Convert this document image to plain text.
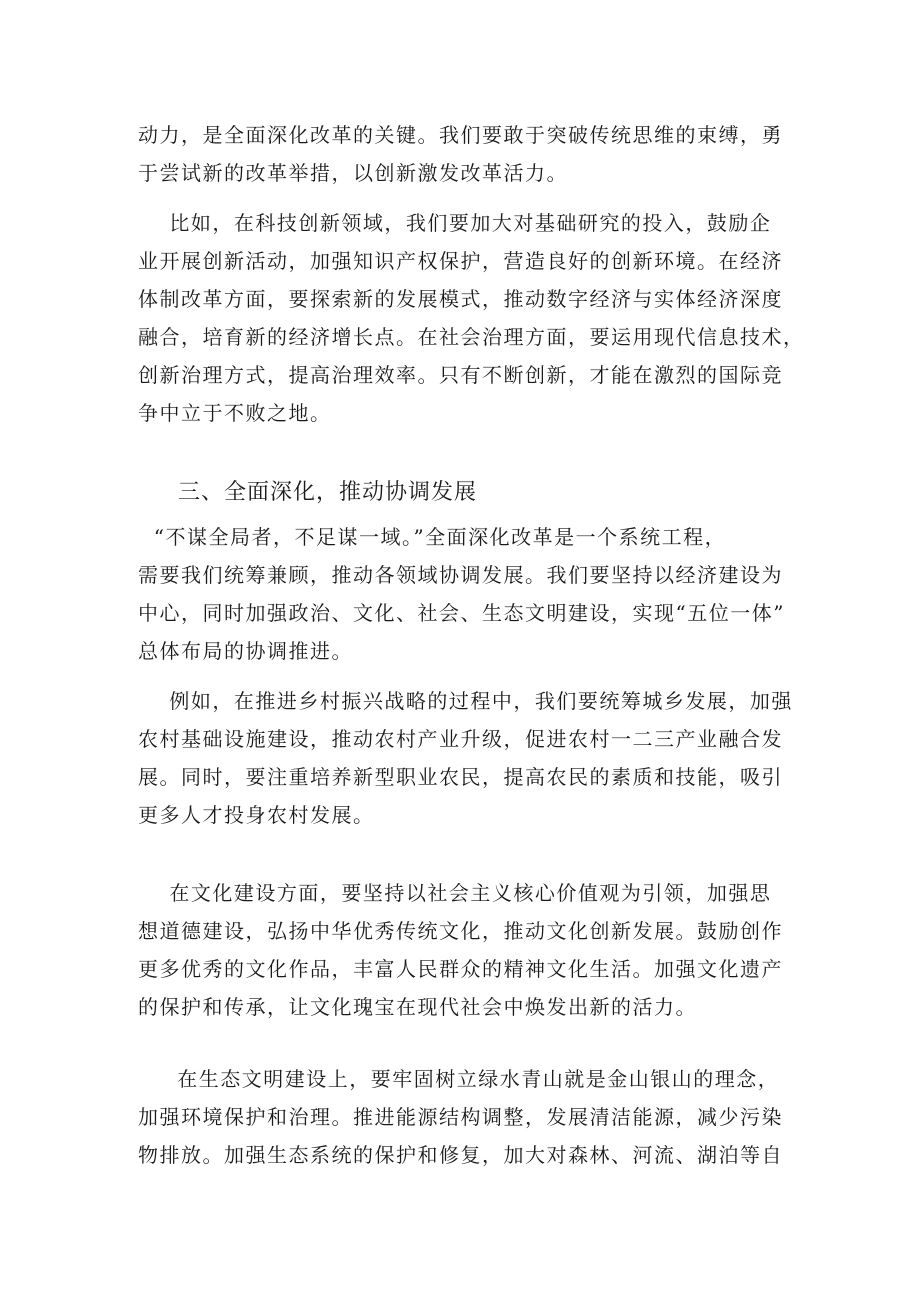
动力，是全面深化改革的关键。我们要敢于突破传统思维的束缚，勇
于尝试新的改革举措，以创新激发改革活力。
比如，在科技创新领域，我们要加大对基础研究的投入，鼓励企
业开展创新活动，加强知识产权保护，营造良好的创新环境。在经济
体制改革方面，要探索新的发展模式，推动数字经济与实体经济深度
融合，培育新的经济增长点。在社会治理方面，要运用现代信息技术，
创新治理方式，提高治理效率。只有不断创新，才能在激烈的国际竞
争中立于不败之地。
三、全面深化，推动协调发展
“不谋全局者，不足谋一域。”全面深化改革是一个系统工程，
需要我们统筹兼顾，推动各领域协调发展。我们要坚持以经济建设为
中心，同时加强政治、文化、社会、生态文明建设，实现“五位一体”
总体布局的协调推进。
例如，在推进乡村振兴战略的过程中，我们要统筹城乡发展，加强
农村基础设施建设，推动农村产业升级，促进农村一二三产业融合发
展。同时，要注重培养新型职业农民，提高农民的素质和技能，吸引
更多人才投身农村发展。
在文化建设方面，要坚持以社会主义核心价值观为引领，加强思
想道德建设，弘扬中华优秀传统文化，推动文化创新发展。鼓励创作
更多优秀的文化作品，丰富人民群众的精神文化生活。加强文化遗产
的保护和传承，让文化瑰宝在现代社会中焕发出新的活力。
在生态文明建设上，要牢固树立绿水青山就是金山银山的理念，
加强环境保护和治理。推进能源结构调整，发展清洁能源，减少污染
物排放。加强生态系统的保护和修复，加大对森林、河流、湖泊等自
